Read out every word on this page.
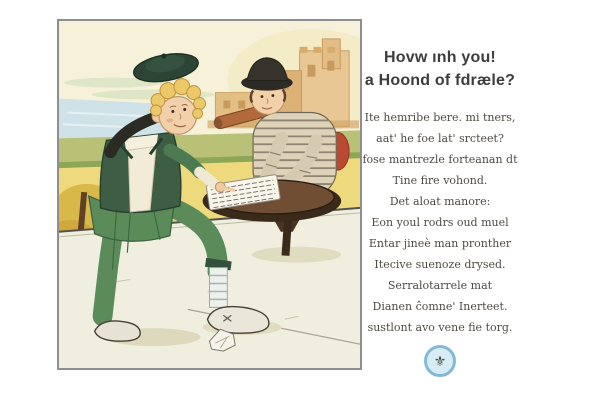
Hovw ınh you!
a Hoond of fdræle?
Ite hemribe bere. mi tners,
aat' he foe lat' srcteet?
fose mantrezle forteanan dt
Tine fire vohond.
Det aloat manore:
Eon youl rodrs oud muel
Entar jineè man pronther
Itecive suenoze drysed.
Serralotarrele mat
Dianen ĉomne' Inerteet.
sustlont avo vene fie torg.
⚜
